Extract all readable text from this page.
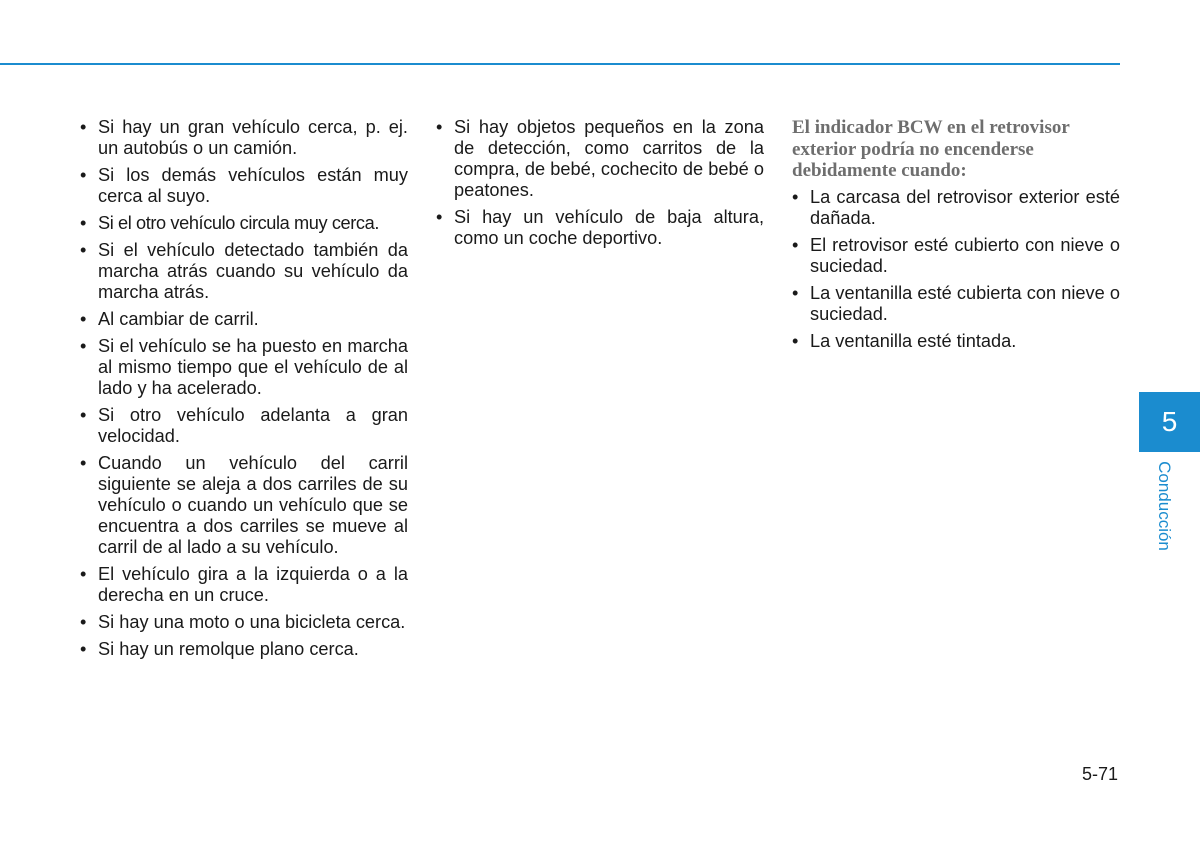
• Si hay un gran vehículo cerca, p. ej. un autobús o un camión.
• Si los demás vehículos están muy cerca al suyo.
• Si el otro vehículo circula muy cerca.
• Si el vehículo detectado también da marcha atrás cuando su vehículo da marcha atrás.
• Al cambiar de carril.
• Si el vehículo se ha puesto en marcha al mismo tiempo que el vehículo de al lado y ha acelerado.
• Si otro vehículo adelanta a gran velocidad.
• Cuando un vehículo del carril siguiente se aleja a dos carriles de su vehículo o cuando un vehículo que se encuentra a dos carriles se mueve al carril de al lado a su vehículo.
• El vehículo gira a la izquierda o a la derecha en un cruce.
• Si hay una moto o una bicicleta cerca.
• Si hay un remolque plano cerca.
• Si hay objetos pequeños en la zona de detección, como carritos de la compra, de bebé, cochecito de bebé o peatones.
• Si hay un vehículo de baja altura, como un coche deportivo.
El indicador BCW en el retrovisor exterior podría no encenderse debidamente cuando:
• La carcasa del retrovisor exterior esté dañada.
• El retrovisor esté cubierto con nieve o suciedad.
• La ventanilla esté cubierta con nieve o suciedad.
• La ventanilla esté tintada.
5
Conducción
5-71
